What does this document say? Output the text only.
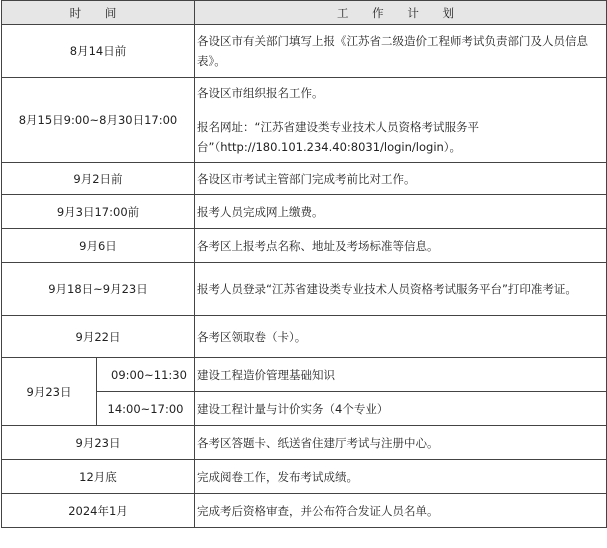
时 间		工 作 计 划
8月14日前		各设区市有关部门填写上报《江苏省二级造价工程师考试负责部门及人员信息表》。
8月15日9:00~8月30日17:00		各设区市组织报名工作。

报名网址：“江苏省建设类专业技术人员资格考试服务平台”（http://180.101.234.40:8031/login/login）。

9月2日前		各设区市考试主管部门完成考前比对工作。
9月3日17:00前		报考人员完成网上缴费。
9月6日		各考区上报考点名称、地址及考场标准等信息。
9月18日~9月23日		报考人员登录“江苏省建设类专业技术人员资格考试服务平台”打印准考证。
9月22日		各考区领取卷（卡）。
9月23日	09:00~11:30	建设工程造价管理基础知识
	14:00~17:00	建设工程计量与计价实务（4个专业）
9月23日		各考区答题卡、纸送省住建厅考试与注册中心。
12月底		完成阅卷工作，发布考试成绩。
2024年1月		完成考后资格审查，并公布符合发证人员名单。
